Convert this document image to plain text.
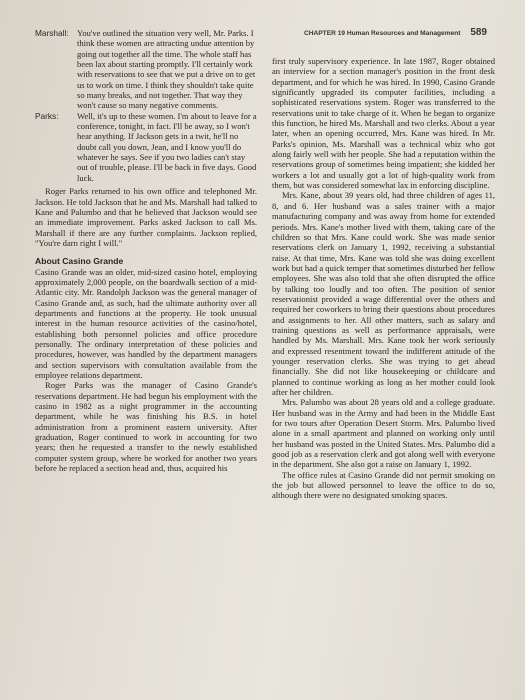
CHAPTER 19 Human Resources and Management 589
Marshall: You've outlined the situation very well, Mr. Parks. I think these women are attracting undue attention by going out together all the time. The whole staff has been lax about starting promptly. I'll certainly work with reservations to see that we put a drive on to get us to work on time. I think they shouldn't take quite so many breaks, and not together. That way they won't cause so many negative comments.

Parks:	Well, it's up to these women. I'm about to leave for a conference, tonight, in fact. I'll be away, so I won't hear anything. If Jackson gets in a twit, he'll no doubt call you down, Jean, and I know you'll do whatever he says. See if you two ladies can't stay out of trouble, please. I'll be back in five days. Good luck.

Roger Parks returned to his own office and telephoned Mr. Jackson. He told Jackson that he and Ms. Marshall had talked to Kane and Palumbo and that he believed that Jackson would see an immediate improvement. Parks asked Jackson to call Ms. Marshall if there are any further complaints. Jackson replied, "You're darn right I will."

About Casino Grande

Casino Grande was an older, mid-sized casino hotel, employing approximately 2,000 people, on the boardwalk section of a mid-Atlantic city. Mr. Randolph Jackson was the general manager of Casino Grande and, as such, had the ultimate authority over all departments and functions at the property. He took unusual interest in the human resource activities of the casino/hotel, establishing both personnel policies and office procedure personally. The ordinary interpretation of these policies and procedures, however, was handled by the department managers and section supervisors with consultation available from the employee relations department.

Roger Parks was the manager of Casino Grande's reservations department. He had begun his employment with the casino in 1982 as a night programmer in the accounting department, while he was finishing his B.S. in hotel administration from a prominent eastern university. After graduation, Roger continued to work in accounting for two years; then he requested a transfer to the newly established computer system group, where he worked for another two years before he replaced a section head and, thus, acquired his

first truly supervisory experience. In late 1987, Roger obtained an interview for a section manager's position in the front desk department, and for which he was hired. In 1990, Casino Grande significantly upgraded its computer facilities, including a sophisticated reservations system. Roger was transferred to the reservations unit to take charge of it. When he began to organize this function, he hired Ms. Marshall and two clerks. About a year later, when an opening occurred, Mrs. Kane was hired. In Mr. Parks's opinion, Ms. Marshall was a technical whiz who got along fairly well with her people. She had a reputation within the reservations group of sometimes being impatient; she kidded her workers a lot and usually got a lot of high-quality work from them, but was considered somewhat lax in enforcing discipline.

Mrs. Kane, about 39 years old, had three children of ages 11, 8, and 6. Her husband was a sales trainer with a major manufacturing company and was away from home for extended periods. Mrs. Kane's mother lived with them, taking care of the children so that Mrs. Kane could work. She was made senior reservations clerk on January 1, 1992, receiving a substantial raise. At that time, Mrs. Kane was told she was doing excellent work but had a quick temper that sometimes disturbed her fellow employees. She was also told that she often disrupted the office by talking too loudly and too often. The position of senior reservationist provided a wage differential over the others and required her coworkers to bring their questions about procedures and assignments to her. All other matters, such as salary and training questions as well as performance appraisals, were handled by Ms. Marshall. Mrs. Kane took her work seriously and expressed resentment toward the indifferent attitude of the younger reservation clerks. She was trying to get ahead financially. She did not like housekeeping or childcare and planned to continue working as long as her mother could look after her children.

Mrs. Palumbo was about 28 years old and a college graduate. Her husband was in the Army and had been in the Middle East for two tours after Operation Desert Storm. Mrs. Palumbo lived alone in a small apartment and planned on working only until her husband was posted in the United States. Mrs. Palumbo did a good job as a reservation clerk and got along well with everyone in the department. She also got a raise on January 1, 1992.

The office rules at Casino Grande did not permit smoking on the job but allowed personnel to leave the office to do so, although there were no designated smoking spaces.
